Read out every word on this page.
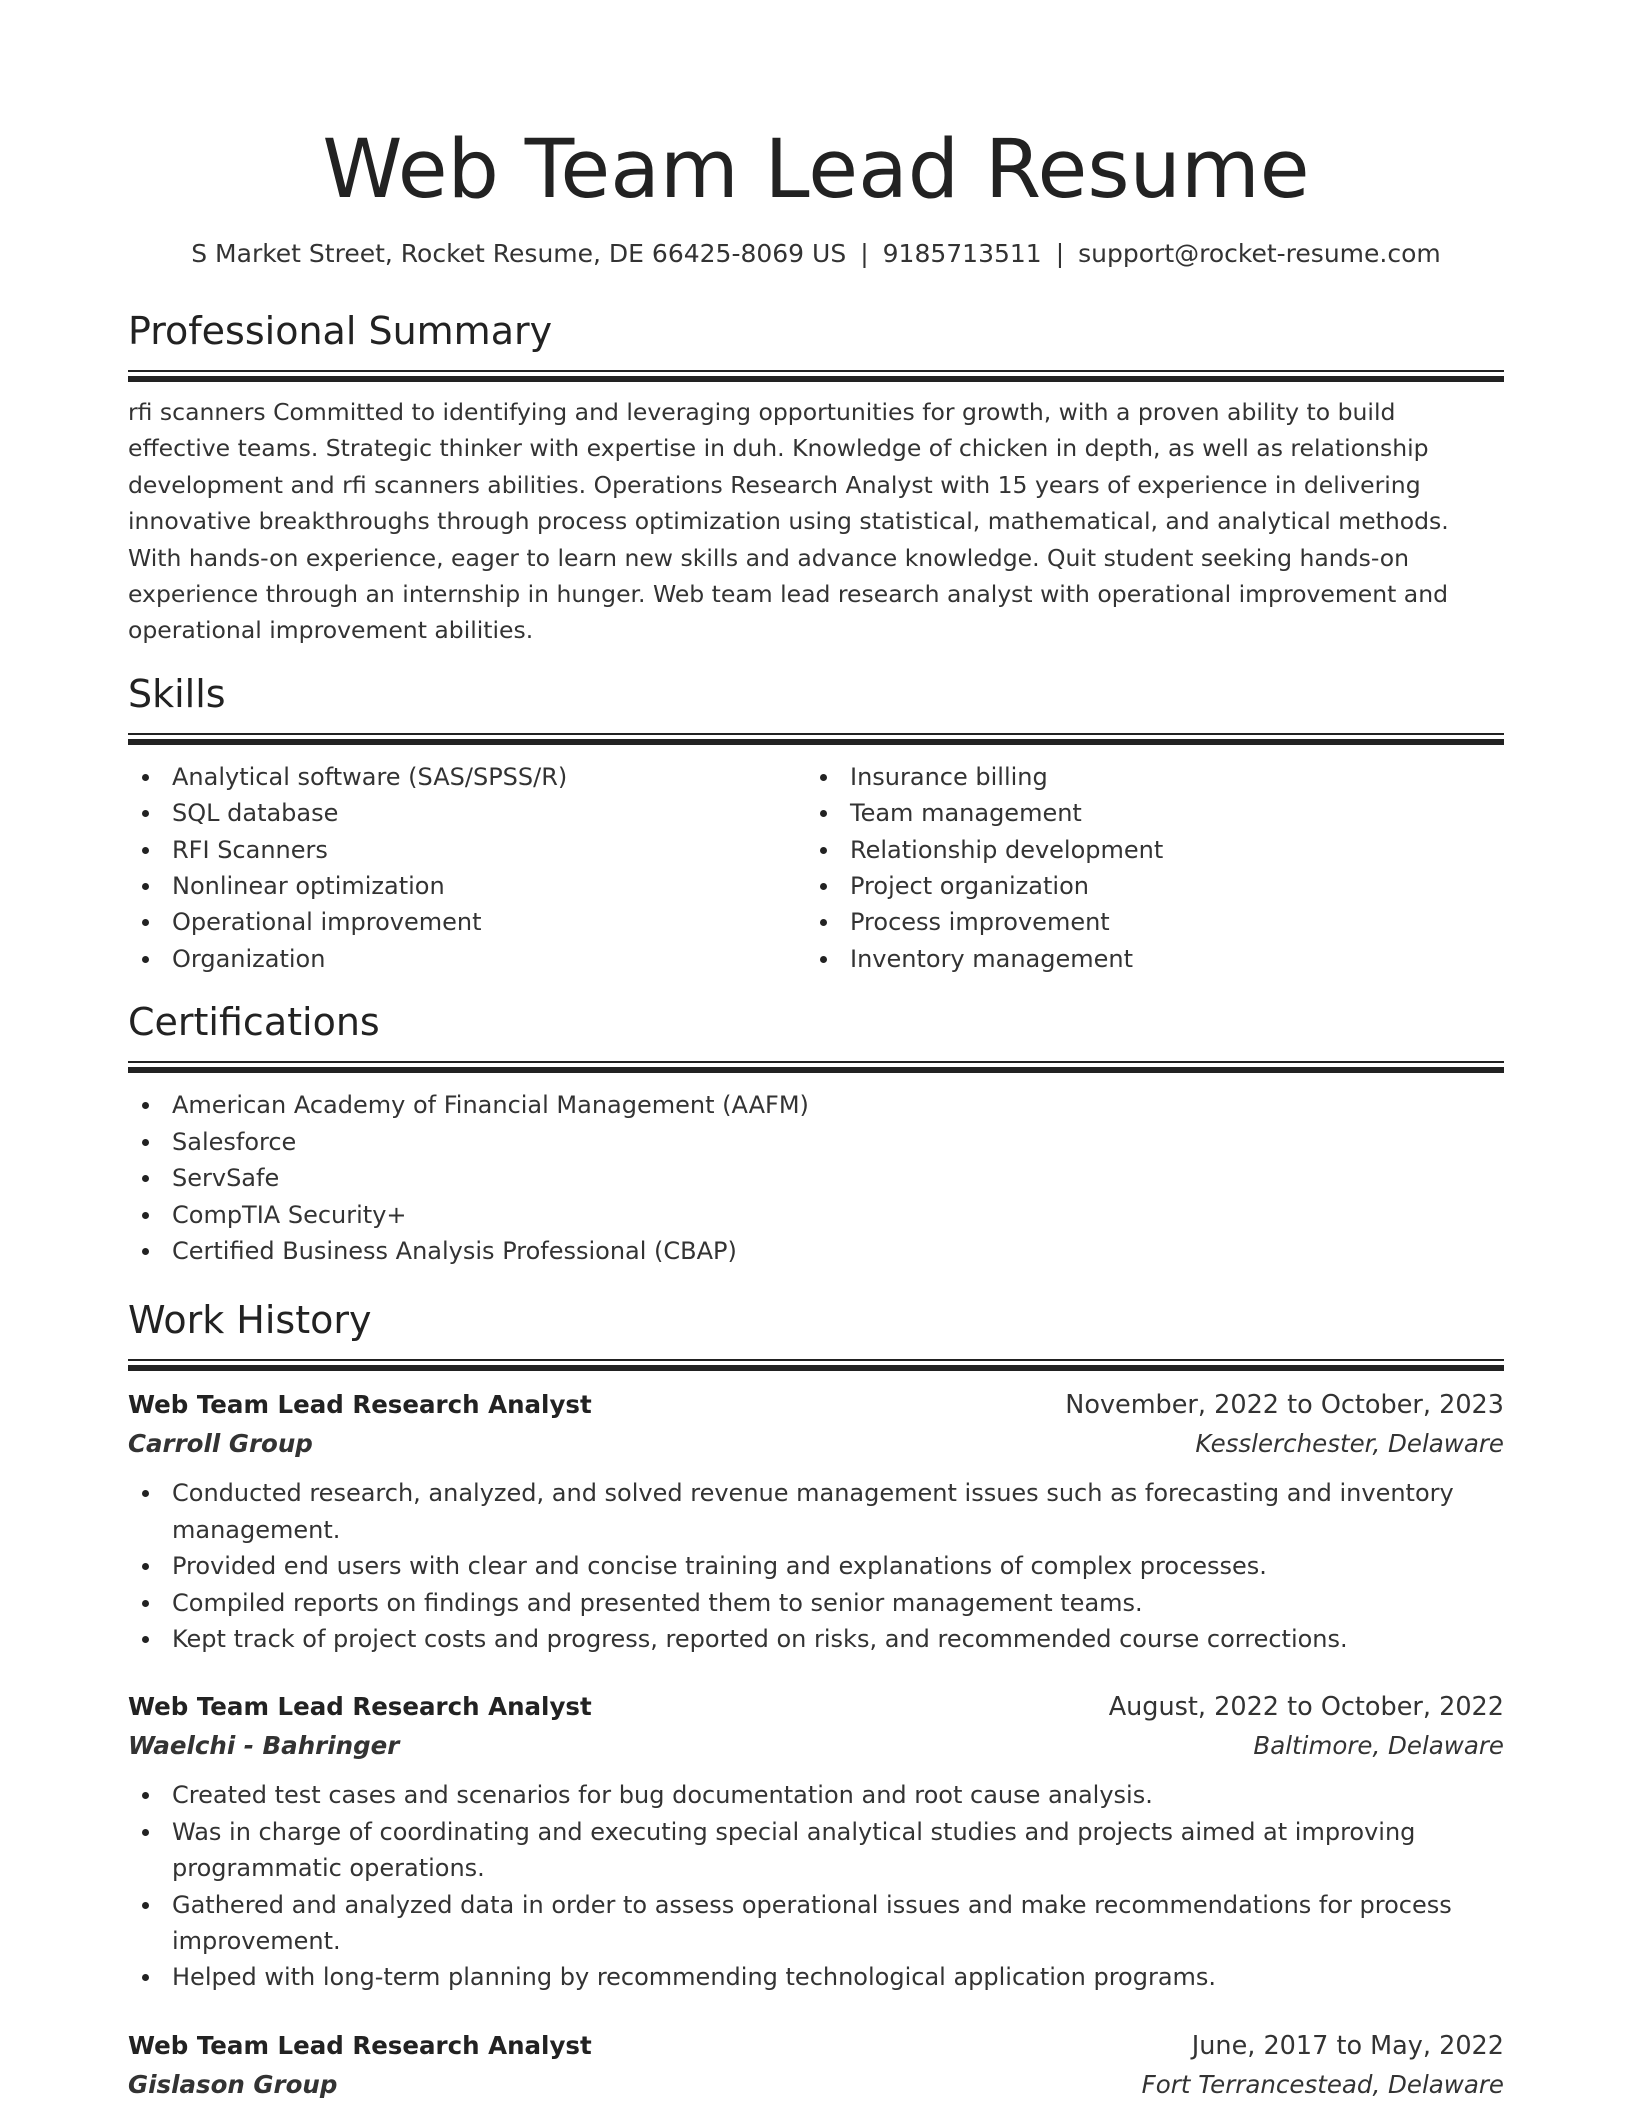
Web Team Lead Resume
S Market Street, Rocket Resume, DE 66425-8069 US | 9185713511 | support@rocket-resume.com
Professional Summary

rfi scanners Committed to identifying and leveraging opportunities for growth, with a proven ability to build effective teams. Strategic thinker with expertise in duh. Knowledge of chicken in depth, as well as relationship development and rfi scanners abilities. Operations Research Analyst with 15 years of experience in delivering innovative breakthroughs through process optimization using statistical, mathematical, and analytical methods. With hands-on experience, eager to learn new skills and advance knowledge. Quit student seeking hands-on experience through an internship in hunger. Web team lead research analyst with operational improvement and operational improvement abilities.

Skills
Analytical software (SAS/SPSS/R)
SQL database
RFI Scanners
Nonlinear optimization
Operational improvement
Organization
Insurance billing
Team management
Relationship development
Project organization
Process improvement
Inventory management
Certifications
American Academy of Financial Management (AAFM)
Salesforce
ServSafe
CompTIA Security+
Certified Business Analysis Professional (CBAP)
Work History
Web Team Lead Research Analyst	November, 2022 to October, 2023
Carroll Group	Kesslerchester, Delaware
Conducted research, analyzed, and solved revenue management issues such as forecasting and inventory management.
Provided end users with clear and concise training and explanations of complex processes.
Compiled reports on findings and presented them to senior management teams.
Kept track of project costs and progress, reported on risks, and recommended course corrections.
Web Team Lead Research Analyst	August, 2022 to October, 2022
Waelchi - Bahringer	Baltimore, Delaware
Created test cases and scenarios for bug documentation and root cause analysis.
Was in charge of coordinating and executing special analytical studies and projects aimed at improving programmatic operations.
Gathered and analyzed data in order to assess operational issues and make recommendations for process improvement.
Helped with long-term planning by recommending technological application programs.
Web Team Lead Research Analyst	June, 2017 to May, 2022
Gislason Group	Fort Terrancestead, Delaware
